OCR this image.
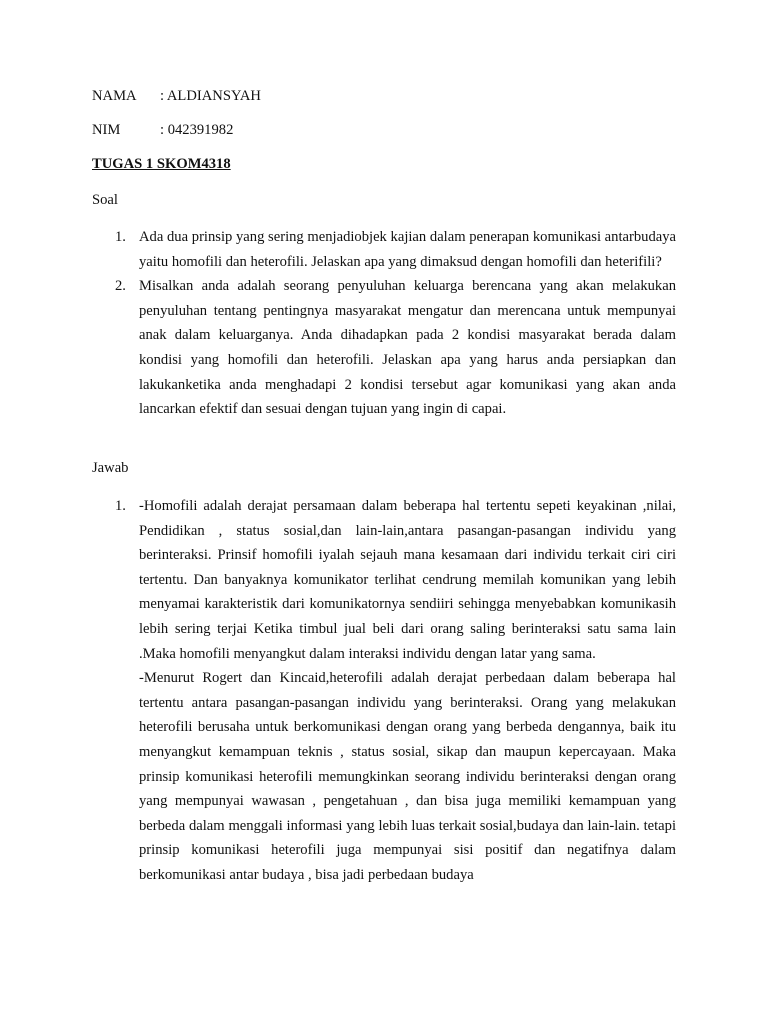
NAMA : ALDIANSYAH
NIM	: 042391982
TUGAS 1 SKOM4318
Soal
1. Ada dua prinsip yang sering menjadiobjek kajian dalam penerapan komunikasi antarbudaya yaitu homofili dan heterofili. Jelaskan apa yang dimaksud dengan homofili dan heterifili?
2. Misalkan anda adalah seorang penyuluhan keluarga berencana yang akan melakukan penyuluhan tentang pentingnya masyarakat mengatur dan merencana untuk mempunyai anak dalam keluarganya. Anda dihadapkan pada 2 kondisi masyarakat berada dalam kondisi yang homofili dan heterofili. Jelaskan apa yang harus anda persiapkan dan lakukanketika anda menghadapi 2 kondisi tersebut agar komunikasi yang akan anda lancarkan efektif dan sesuai dengan tujuan yang ingin di capai.
Jawab
1. -Homofili adalah derajat persamaan dalam beberapa hal tertentu sepeti keyakinan ,nilai, Pendidikan , status sosial,dan lain-lain,antara pasangan-pasangan individu yang berinteraksi. Prinsif homofili iyalah sejauh mana kesamaan dari individu terkait ciri ciri tertentu. Dan banyaknya komunikator terlihat cendrung memilah komunikan yang lebih menyamai karakteristik dari komunikatornya sendiiri sehingga menyebabkan komunikasih lebih sering terjai Ketika timbul jual beli dari orang saling berinteraksi satu sama lain .Maka homofili menyangkut dalam interaksi individu dengan latar yang sama.
-Menurut Rogert dan Kincaid,heterofili adalah derajat perbedaan dalam beberapa hal tertentu antara pasangan-pasangan individu yang berinteraksi. Orang yang melakukan heterofili berusaha untuk berkomunikasi dengan orang yang berbeda dengannya, baik itu menyangkut kemampuan teknis , status sosial, sikap dan maupun kepercayaan. Maka prinsip komunikasi heterofili memungkinkan seorang individu berinteraksi dengan orang yang mempunyai wawasan , pengetahuan , dan bisa juga memiliki kemampuan yang berbeda dalam menggali informasi yang lebih luas terkait sosial,budaya dan lain-lain. tetapi prinsip komunikasi heterofili juga mempunyai sisi positif dan negatifnya dalam berkomunikasi antar budaya , bisa jadi perbedaan budaya
